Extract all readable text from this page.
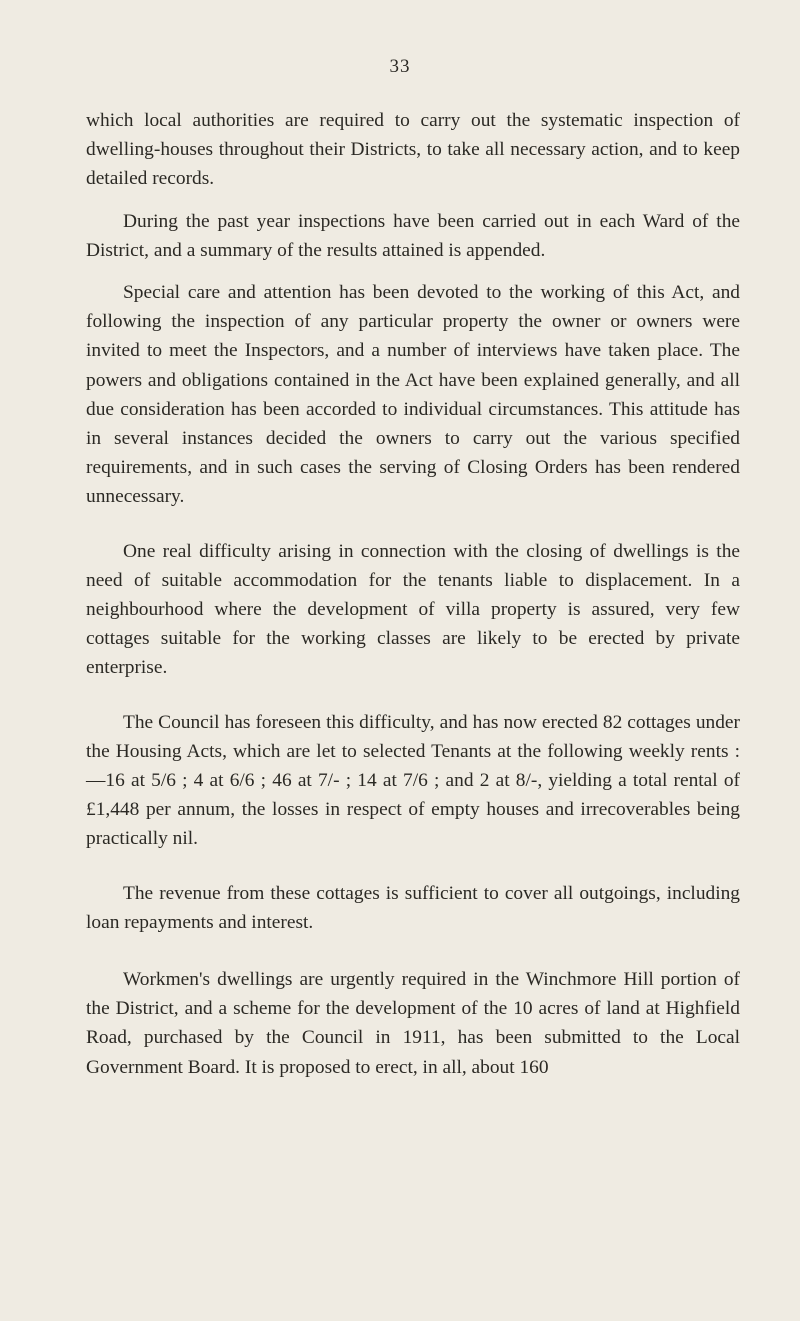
33

which local authorities are required to carry out the systematic inspection of dwelling-houses throughout their Districts, to take all necessary action, and to keep detailed records.

During the past year inspections have been carried out in each Ward of the District, and a summary of the results attained is appended.

Special care and attention has been devoted to the working of this Act, and following the inspection of any particular property the owner or owners were invited to meet the Inspectors, and a number of interviews have taken place. The powers and obligations contained in the Act have been explained generally, and all due consideration has been accorded to individual circumstances. This attitude has in several instances decided the owners to carry out the various specified requirements, and in such cases the serving of Closing Orders has been rendered unnecessary.

One real difficulty arising in connection with the closing of dwellings is the need of suitable accommodation for the tenants liable to displacement. In a neighbourhood where the development of villa property is assured, very few cottages suitable for the working classes are likely to be erected by private enterprise.

The Council has foreseen this difficulty, and has now erected 82 cottages under the Housing Acts, which are let to selected Tenants at the following weekly rents :—16 at 5/6 ; 4 at 6/6 ; 46 at 7/- ; 14 at 7/6 ; and 2 at 8/-, yielding a total rental of £1,448 per annum, the losses in respect of empty houses and irrecoverables being practically nil.

The revenue from these cottages is sufficient to cover all outgoings, including loan repayments and interest.

Workmen's dwellings are urgently required in the Winchmore Hill portion of the District, and a scheme for the development of the 10 acres of land at Highfield Road, purchased by the Council in 1911, has been submitted to the Local Government Board. It is proposed to erect, in all, about 160
